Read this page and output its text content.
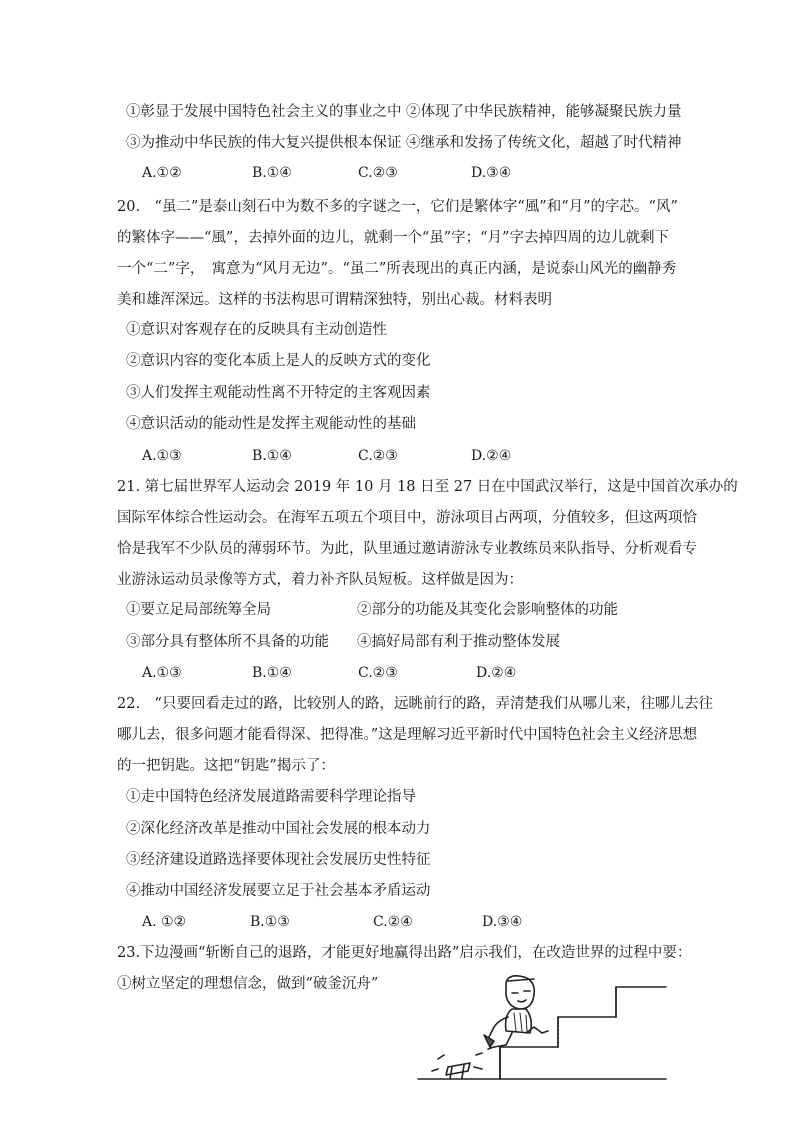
①彰显于发展中国特色社会主义的事业之中 ②体现了中华民族精神，能够凝聚民族力量
③为推动中华民族的伟大复兴提供根本保证 ④继承和发扬了传统文化，超越了时代精神
A.①②	B.①④	C.②③	D.③④
20.　“虽二”是泰山刻石中为数不多的字谜之一，它们是繁体字“風”和“月”的字芯。“风”
的繁体字——“風”，去掉外面的边儿，就剩一个“虽”字；“月”字去掉四周的边儿就剩下
一个“二”字，　寓意为“风月无边”。“虽二”所表现出的真正内涵，是说泰山风光的幽静秀
美和雄浑深远。这样的书法构思可谓精深独特，别出心裁。材料表明
①意识对客观存在的反映具有主动创造性
②意识内容的变化本质上是人的反映方式的变化
③人们发挥主观能动性离不开特定的主客观因素
④意识活动的能动性是发挥主观能动性的基础
A.①③	B.①④	C.②③	D.②④
21. 第七届世界军人运动会 2019 年 10 月 18 日至 27 日在中国武汉举行，这是中国首次承办的
国际军体综合性运动会。在海军五项五个项目中，游泳项目占两项，分值较多，但这两项恰
恰是我军不少队员的薄弱环节。为此，队里通过邀请游泳专业教练员来队指导、分析观看专
业游泳运动员录像等方式，着力补齐队员短板。这样做是因为：
①要立足局部统筹全局	②部分的功能及其变化会影响整体的功能
③部分具有整体所不具备的功能 ④搞好局部有利于推动整体发展
A.①③	B.①④	C.②③	D.②④
22.　“只要回看走过的路，比较别人的路，远眺前行的路，弄清楚我们从哪儿来，往哪儿去往
哪儿去，很多问题才能看得深、把得准。”这是理解习近平新时代中国特色社会主义经济思想
的一把钥匙。这把“钥匙”揭示了：
①走中国特色经济发展道路需要科学理论指导
②深化经济改革是推动中国社会发展的根本动力
③经济建设道路选择要体现社会发展历史性特征
④推动中国经济发展要立足于社会基本矛盾运动
A. ①②	B.①③	C.②④	D.③④
23.下边漫画“斩断自己的退路，才能更好地赢得出路”启示我们，在改造世界的过程中要：
①树立坚定的理想信念，做到“破釜沉舟”
